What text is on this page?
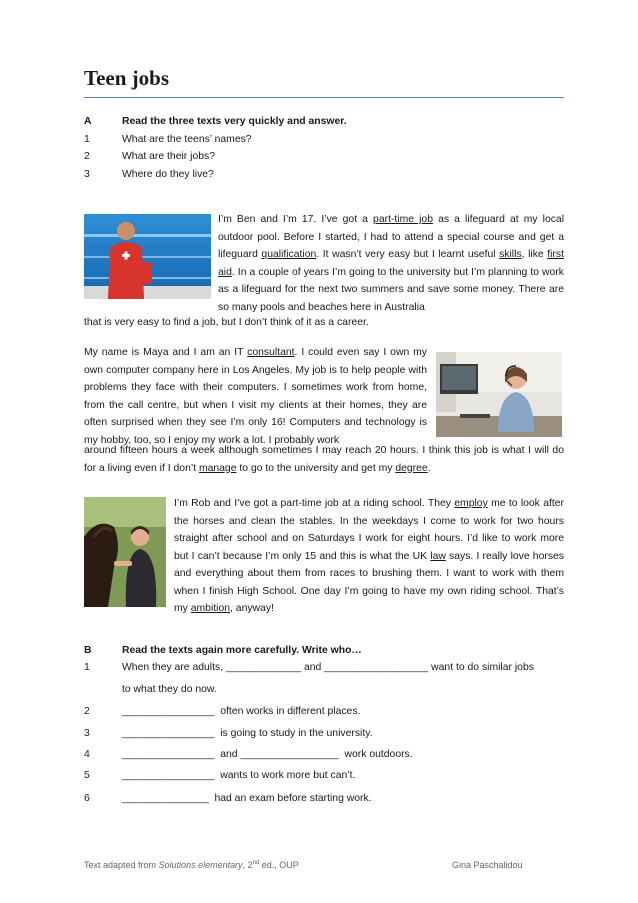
Teen jobs
A	Read the three texts very quickly and answer.
1	What are the teens’ names?
2	What are their jobs?
3	Where do they live?

I’m Ben and I’m 17. I’ve got a part-time job as a lifeguard at my local outdoor pool. Before I started, I had to attend a special course and get a lifeguard qualification. It wasn’t very easy but I learnt useful skills, like first aid. In a couple of years I’m going to the university but I’m planning to work as a lifeguard for the next two summers and save some money. There are so many pools and beaches here in Australia

that is very easy to find a job, but I don’t think of it as a career.

My name is Maya and I am an IT consultant. I could even say I own my own computer company here in Los Angeles. My job is to help people with problems they face with their computers. I sometimes work from home, from the call centre, but when I visit my clients at their homes, they are often surprised when they see I’m only 16! Computers and technology is my hobby, too, so I enjoy my work a lot. I probably work

around fifteen hours a week although sometimes I may reach 20 hours. I think this job is what I will do for a living even if I don’t manage to go to the university and get my degree.

I’m Rob and I’ve got a part-time job at a riding school. They employ me to look after the horses and clean the stables. In the weekdays I come to work for two hours straight after school and on Saturdays I work for eight hours. I’d like to work more but I can’t because I’m only 15 and this is what the UK law says. I really love horses and everything about them from races to brushing them. I want to work with them when I finish High School. One day I’m going to have my own riding school. That’s my ambition, anyway!

B	Read the texts again more carefully. Write who…
1	When they are adults, _____________ and __________________ want to do similar jobs
to what they do now.
2	________________  often works in different places.
3	________________  is going to study in the university.
4	________________  and _________________  work outdoors.
5	________________  wants to work more but can’t.
6	_______________  had an exam before starting work.
Text adapted from Solutions elementary, 2nd ed., OUP	Gina Paschalidou
